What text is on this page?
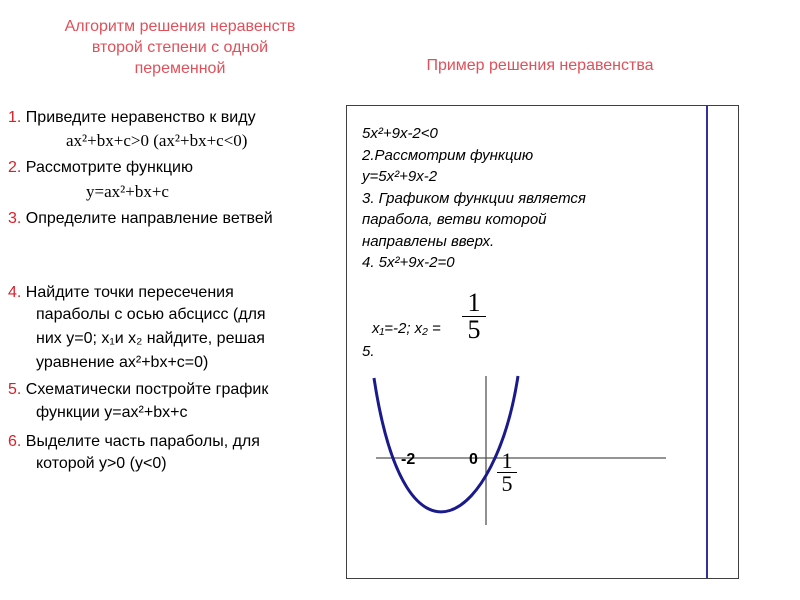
Алгоритм решения неравенств
второй степени с одной
переменной	Пример решения неравенства
1. Приведите неравенство к виду
ax²+bx+c>0 (ax²+bx+c<0)
2. Рассмотрите функцию
y=ax²+bx+c
3. Определите направление ветвей
4. Найдите точки пересечения
параболы с осью абсцисс (для
них y=0; x₁и x₂ найдите, решая
уравнение ax²+bx+c=0)
5. Схематически постройте график
функции y=ax²+bx+c
6. Выделите часть параболы, для
которой y>0 (y<0)
5x²+9x-2<0
2.Рассмотрим функцию
y=5x²+9x-2
3. Графиком функции является
парабола, ветви которой
направлены вверх.
4. 5x²+9x-2=0
$\frac{1}{5}$
x₁=-2; x₂ =
5.
-2	$0 \frac{1}{5}$
